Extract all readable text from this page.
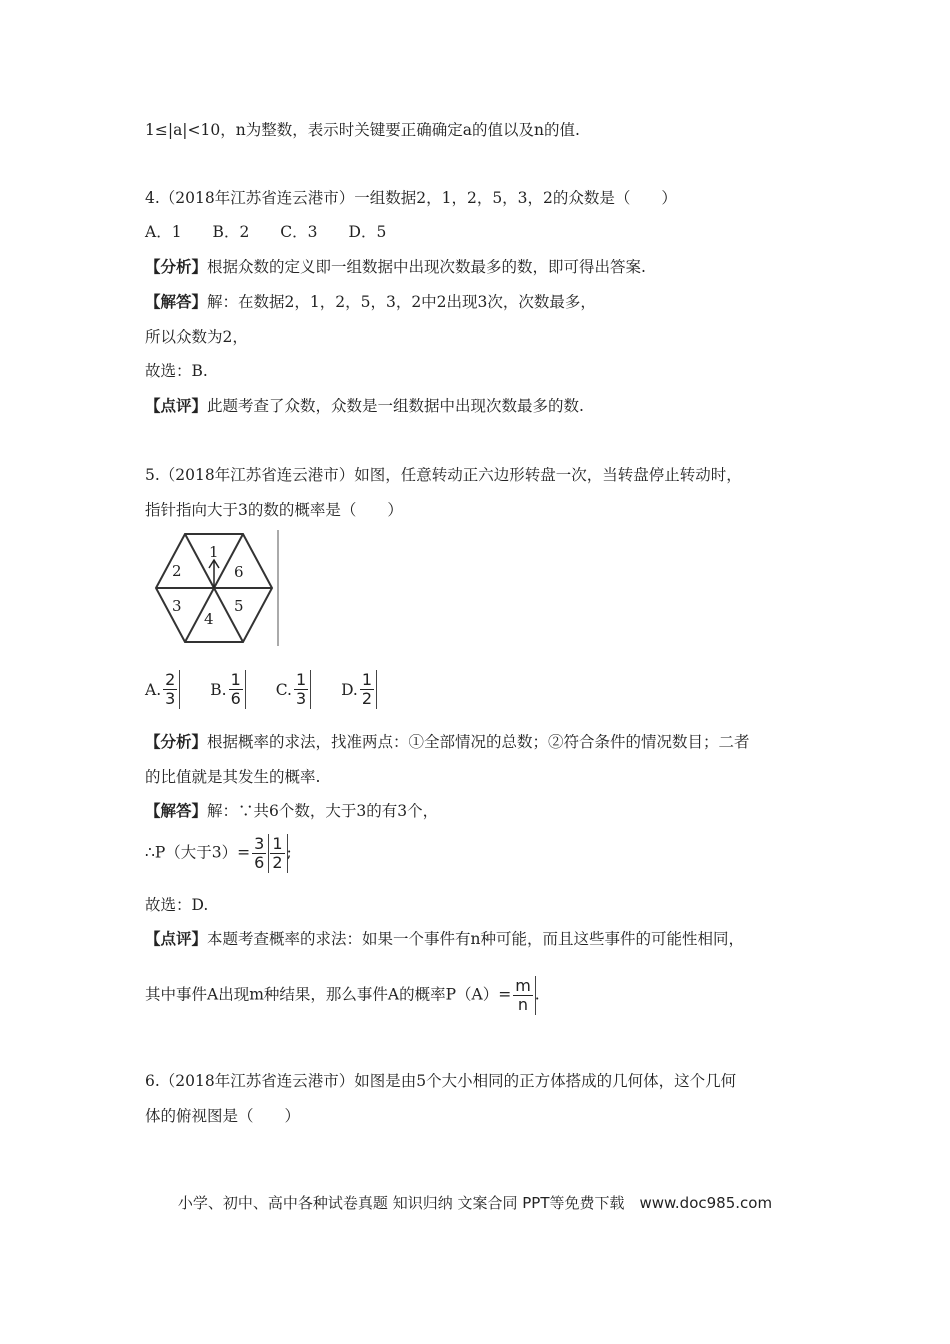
1≤|a|<10，n为整数，表示时关键要正确确定a的值以及n的值.
4.（2018年江苏省连云港市）一组数据2，1，2，5，3，2的众数是（　　）
A．1　　B．2　　C．3　　D．5
【分析】根据众数的定义即一组数据中出现次数最多的数，即可得出答案.
【解答】解：在数据2，1，2，5，3，2中2出现3次，次数最多，
所以众数为2，
故选：B.
【点评】此题考查了众数，众数是一组数据中出现次数最多的数.
5.（2018年江苏省连云港市）如图，任意转动正六边形转盘一次，当转盘停止转动时，
指针指向大于3的数的概率是（　　）
1
6
5
4
3
2
A. $\frac{2}{3}$
B. $\frac{1}{6}$
C. $\frac{1}{3}$
D. $\frac{1}{2}$
【分析】根据概率的求法，找准两点：①全部情况的总数；②符合条件的情况数目；二者
的比值就是其发生的概率.
【解答】解：∵共6个数，大于3的有3个，
∴P（大于$3)= \frac{3}{6} \frac{1}{2}$ ;
故选：D.
【点评】本题考查概率的求法：如果一个事件有n种可能，而且这些事件的可能性相同，
其中事件A出现m种结果，那么事件A的概率$P(A)= \frac{m}{n}$ .
6.（2018年江苏省连云港市）如图是由5个大小相同的正方体搭成的几何体，这个几何
体的俯视图是（　　）
小学、初中、高中各种试卷真题 知识归纳 文案合同 PPT等免费下载　www.doc985.com
